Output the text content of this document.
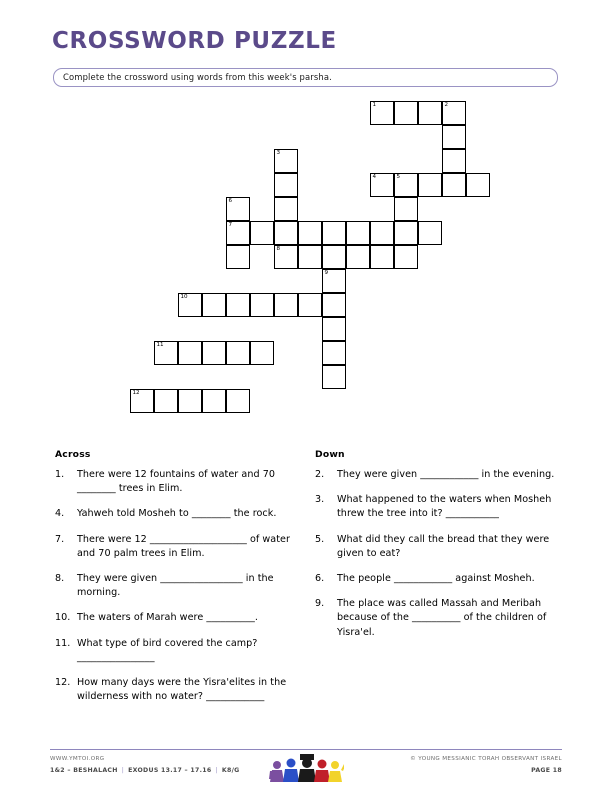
CROSSWORD PUZZLE
Complete the crossword using words from this week's parsha.
1	2
3
4	5
6
7
8
9
10
11
12
Across
1.	There were 12 fountains of water and 70 ________ trees in Elim.
4.	Yahweh told Mosheh to ________ the rock.
7.	There were 12 ____________________ of water and 70 palm trees in Elim.
8.	They were given _________________ in the morning.
10. The waters of Marah were __________.
11. What type of bird covered the camp? ________________
12. How many days were the Yisra'elites in the wilderness with no water? ____________
Down
2.	They were given ____________ in the evening.
3.	What happened to the waters when Mosheh threw the tree into it? ___________
5.	What did they call the bread that they were given to eat?
6.	The people ____________ against Mosheh.
9.	The place was called Massah and Meribah because of the __________ of the children of Yisra'el.
WWW.YMTOI.ORG
1&2 – BESHALACH | EXODUS 13.17 – 17.16 | K8/G
© YOUNG MESSIANIC TORAH OBSERVANT ISRAEL
PAGE 18
